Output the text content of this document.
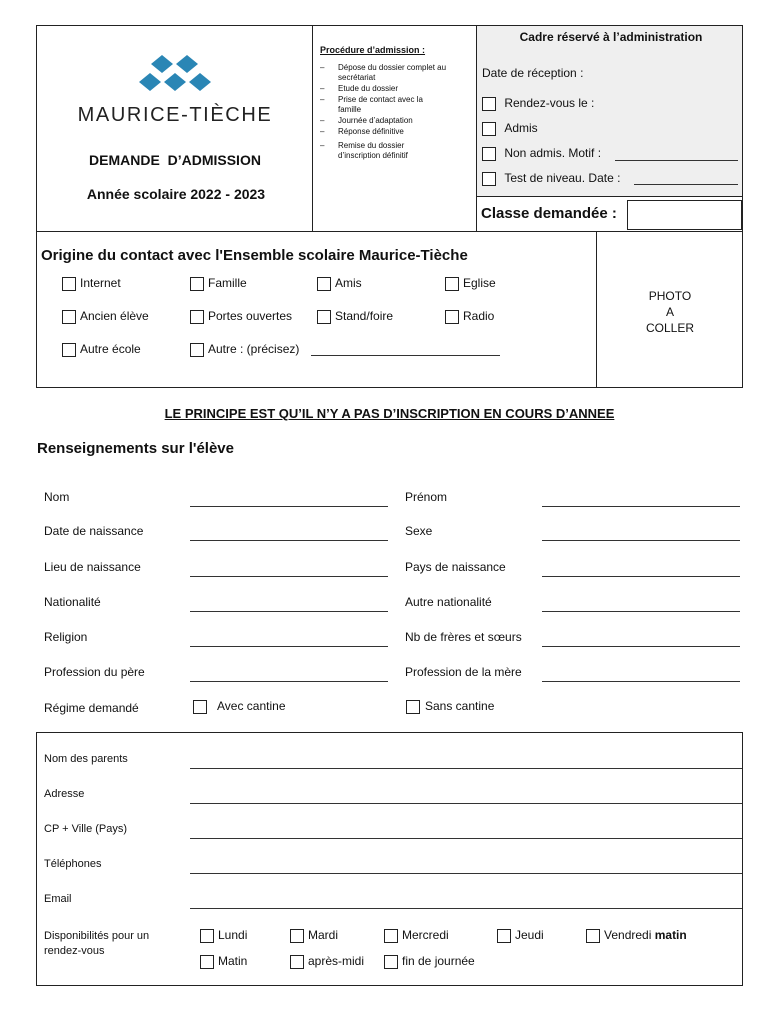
MAURICE-TIÈCHE
DEMANDE  D’ADMISSION
Année scolaire 2022 - 2023
Procédure d’admission :
–	Dépose du dossier complet au secrétariat
–	Etude du dossier
–	Prise de contact avec la famille
–	Journée d’adaptation
–	Réponse définitive
–	Remise du dossier d’inscription définitif
Cadre réservé à l’administration
Date de réception :
Rendez-vous le :
Admis
Non admis. Motif :
Test de niveau. Date :
Classe demandée :
Origine du contact avec l'Ensemble scolaire Maurice-Tièche
Internet	Famille	Amis	Eglise
Ancien élève	Portes ouvertes	Stand/foire	Radio
Autre école	Autre : (précisez)
PHOTO
A
COLLER
LE PRINCIPE EST QU’IL N’Y A PAS D’INSCRIPTION EN COURS D’ANNEE
Renseignements sur l'élève
Nom	Prénom
Date de naissance	Sexe
Lieu de naissance	Pays de naissance
Nationalité	Autre nationalité
Religion	Nb de frères et sœurs
Profession du père	Profession de la mère
Régime demandé	Avec cantine	Sans cantine
Nom des parents
Adresse
CP + Ville (Pays)
Téléphones
Email
Disponibilités pour un
rendez-vous
Lundi	Mardi	Mercredi	Jeudi	Vendredi matin
Matin	après-midi	fin de journée
